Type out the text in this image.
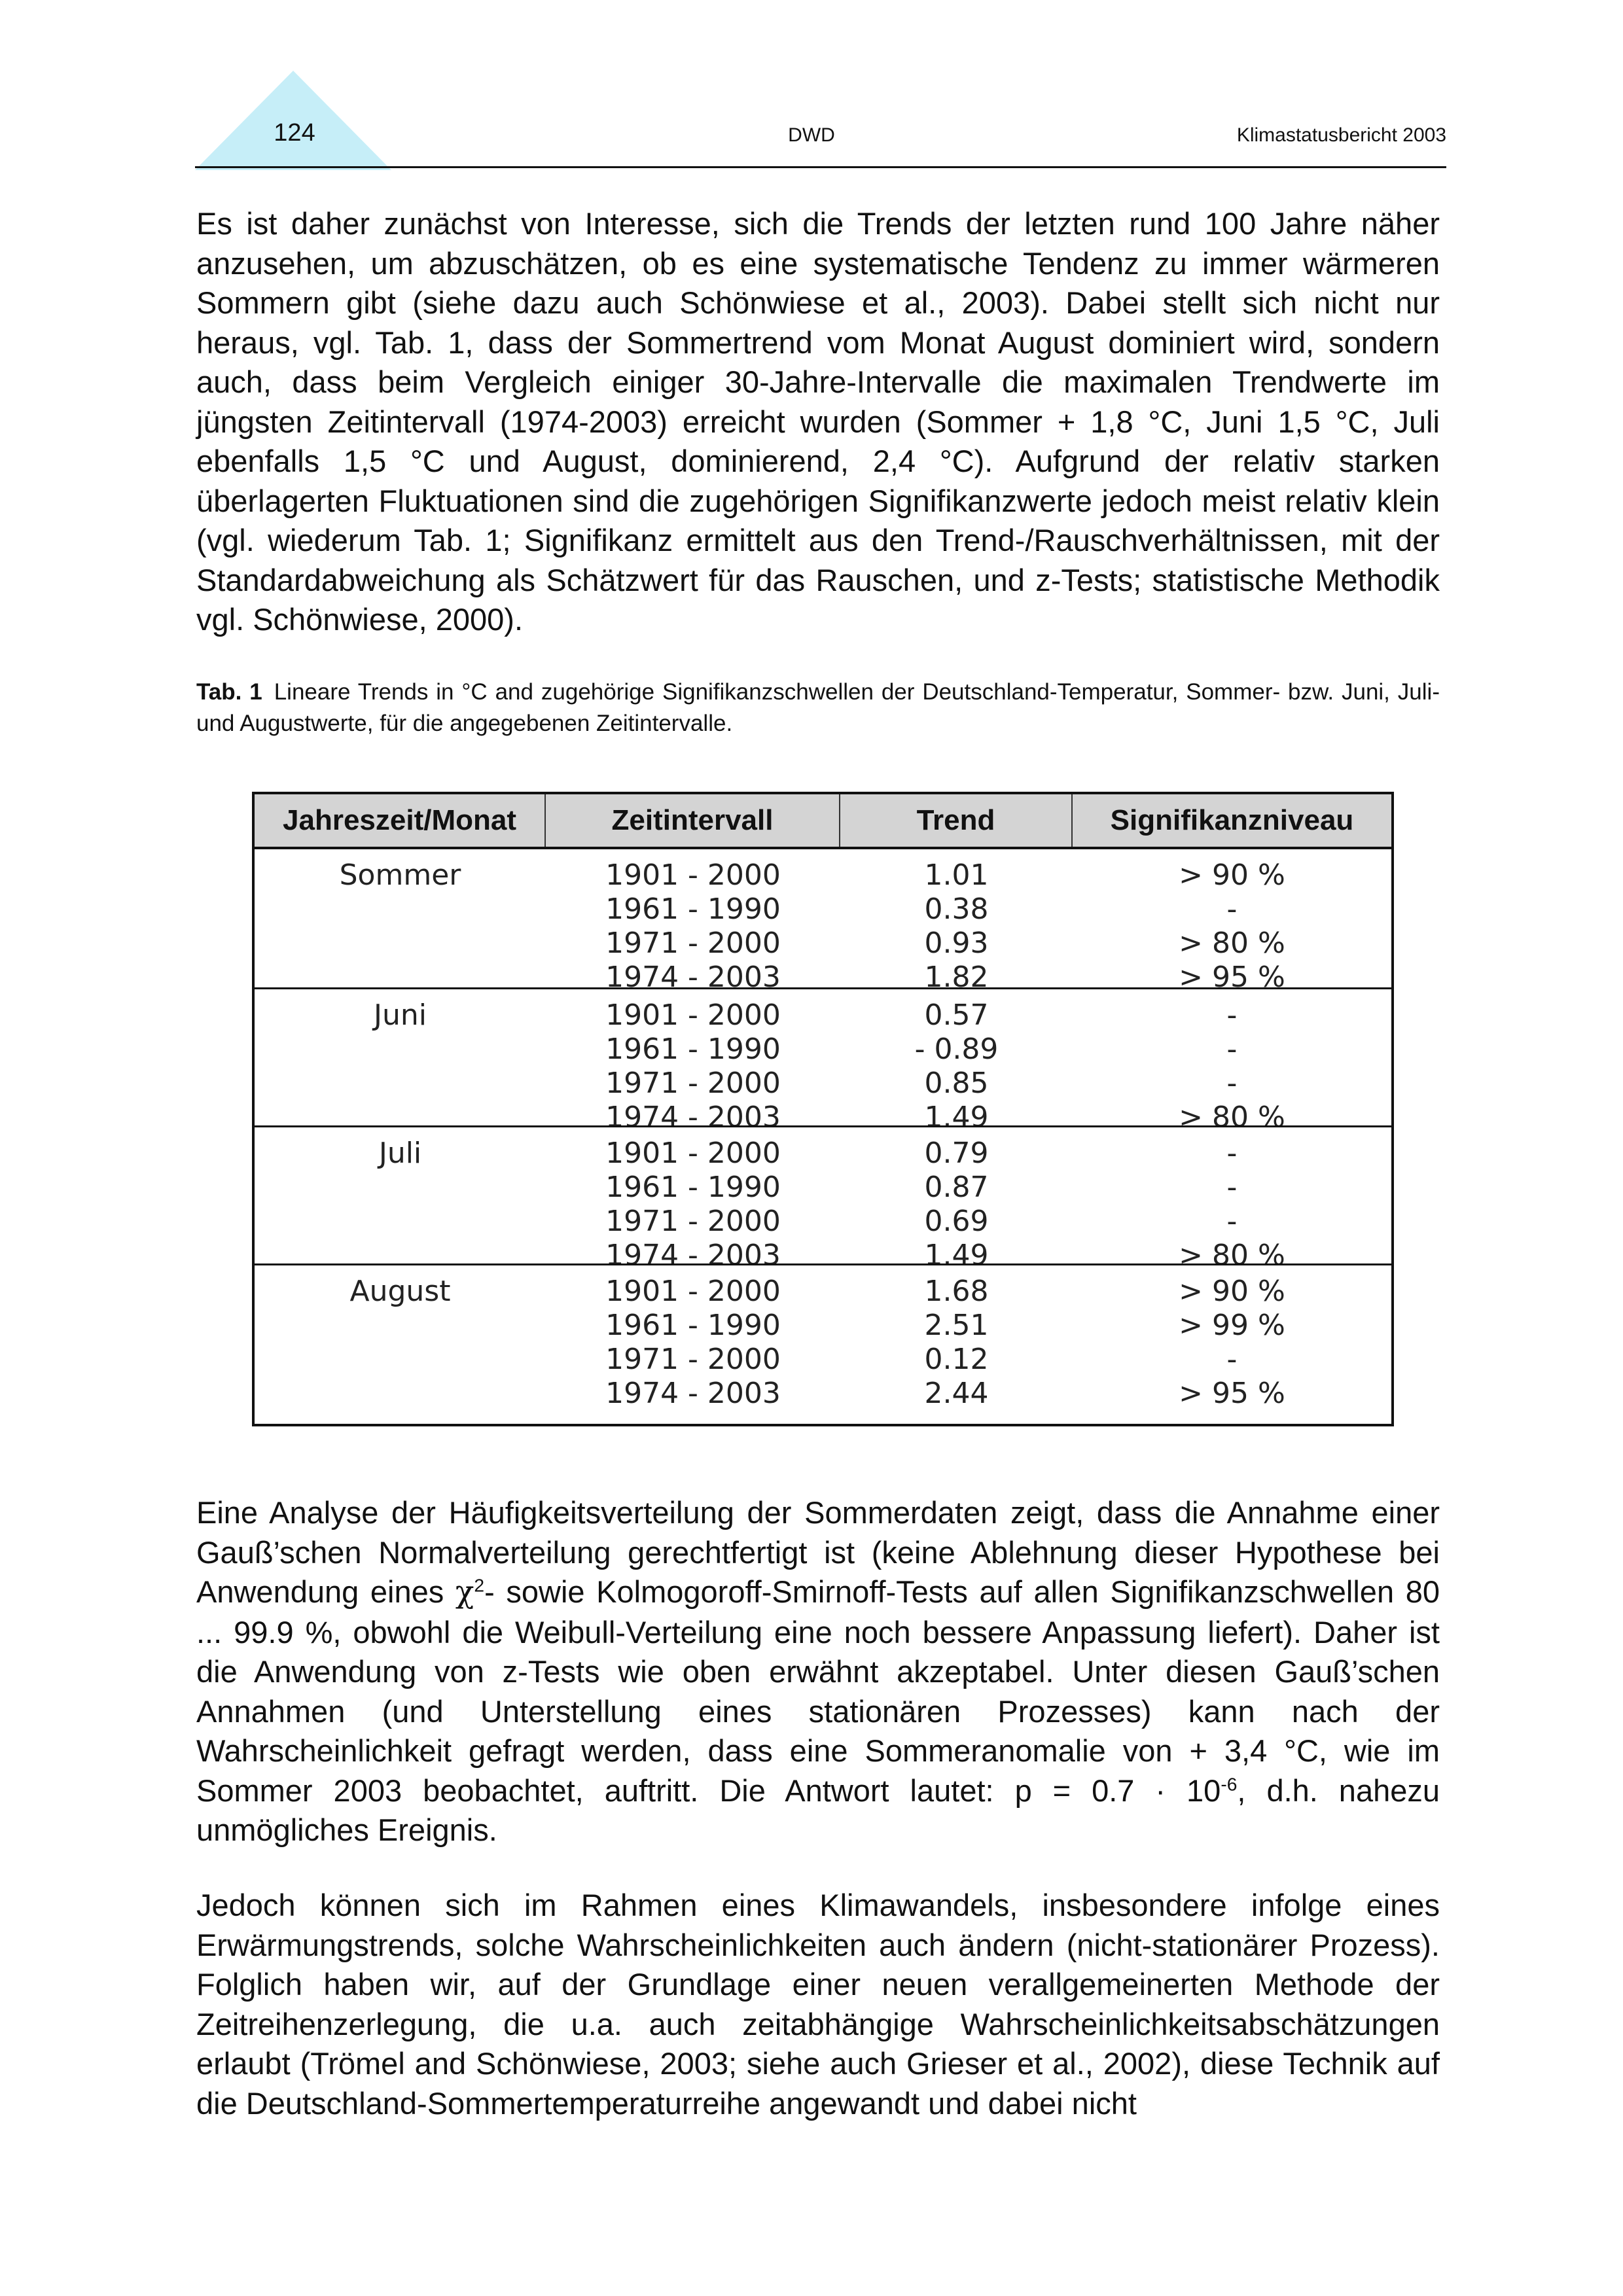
124	DWD	Klimastatusbericht 2003
Es ist daher zunächst von Interesse, sich die Trends der letzten rund 100 Jahre näher anzusehen, um abzuschätzen, ob es eine systematische Tendenz zu immer wärmeren Sommern gibt (siehe dazu auch Schönwiese et al., 2003). Dabei stellt sich nicht nur heraus, vgl. Tab. 1, dass der Sommertrend vom Monat August dominiert wird, sondern auch, dass beim Vergleich einiger 30-Jahre-Intervalle die maximalen Trendwerte im jüngsten Zeitintervall (1974-2003) erreicht wurden (Sommer + 1,8 °C, Juni 1,5 °C, Juli ebenfalls 1,5 °C und August, dominierend, 2,4 °C). Aufgrund der relativ starken überlagerten Fluktuationen sind die zugehörigen Signifikanzwerte jedoch meist relativ klein (vgl. wiederum Tab. 1; Signifikanz ermittelt aus den Trend-/Rauschverhältnissen, mit der Standardabweichung als Schätzwert für das Rauschen, und z-Tests; statistische Methodik vgl. Schönwiese, 2000).
Tab. 1 Lineare Trends in °C and zugehörige Signifikanzschwellen der Deutschland-Temperatur, Sommer- bzw. Juni, Juli- und Augustwerte, für die angegebenen Zeitintervalle.
Jahreszeit/Monat	Zeitintervall	Trend	Signifikanzniveau
Sommer	1901 - 2000	1.01	> 90 %
1961 - 1990	0.38	-
1971 - 2000	0.93	> 80 %
1974 - 2003	1.82	> 95 %
Juni	1901 - 2000	0.57	-
1961 - 1990	- 0.89	-
1971 - 2000	0.85	-
1974 - 2003	1.49	> 80 %
Juli	1901 - 2000	0.79	-
1961 - 1990	0.87	-
1971 - 2000	0.69	-
1974 - 2003	1.49	> 80 %
August	1901 - 2000	1.68	> 90 %
1961 - 1990	2.51	> 99 %
1971 - 2000	0.12	-
1974 - 2003	2.44	> 95 %
Eine Analyse der Häufigkeitsverteilung der Sommerdaten zeigt, dass die Annahme einer Gauß’schen Normalverteilung gerechtfertigt ist (keine Ablehnung dieser Hypothese bei Anwendung eines $\chi^2-$ sowie Kolmogoroff-Smirnoff-Tests auf allen Signifikanzschwellen 80 ... 99.9 %, obwohl die Weibull-Verteilung eine noch bessere Anpassung liefert). Daher ist die Anwendung von z-Tests wie oben erwähnt akzeptabel. Unter diesen Gauß’schen Annahmen (und Unterstellung eines stationären Prozesses) kann nach der Wahrscheinlichkeit gefragt werden, dass eine Sommeranomalie von + 3,4 °C, wie im Sommer 2003 beobachtet, auftritt. Die Antwort lautet: $p = 0.7 \cdot 10^{-6}$, d.h. nahezu unmögliches Ereignis.
Jedoch können sich im Rahmen eines Klimawandels, insbesondere infolge eines Erwärmungstrends, solche Wahrscheinlichkeiten auch ändern (nicht-stationärer Prozess). Folglich haben wir, auf der Grundlage einer neuen verallgemeinerten Methode der Zeitreihenzerlegung, die u.a. auch zeitabhängige Wahrscheinlichkeitsabschätzungen erlaubt (Trömel and Schönwiese, 2003; siehe auch Grieser et al., 2002), diese Technik auf die Deutschland-Sommertemperaturreihe angewandt und dabei nicht
